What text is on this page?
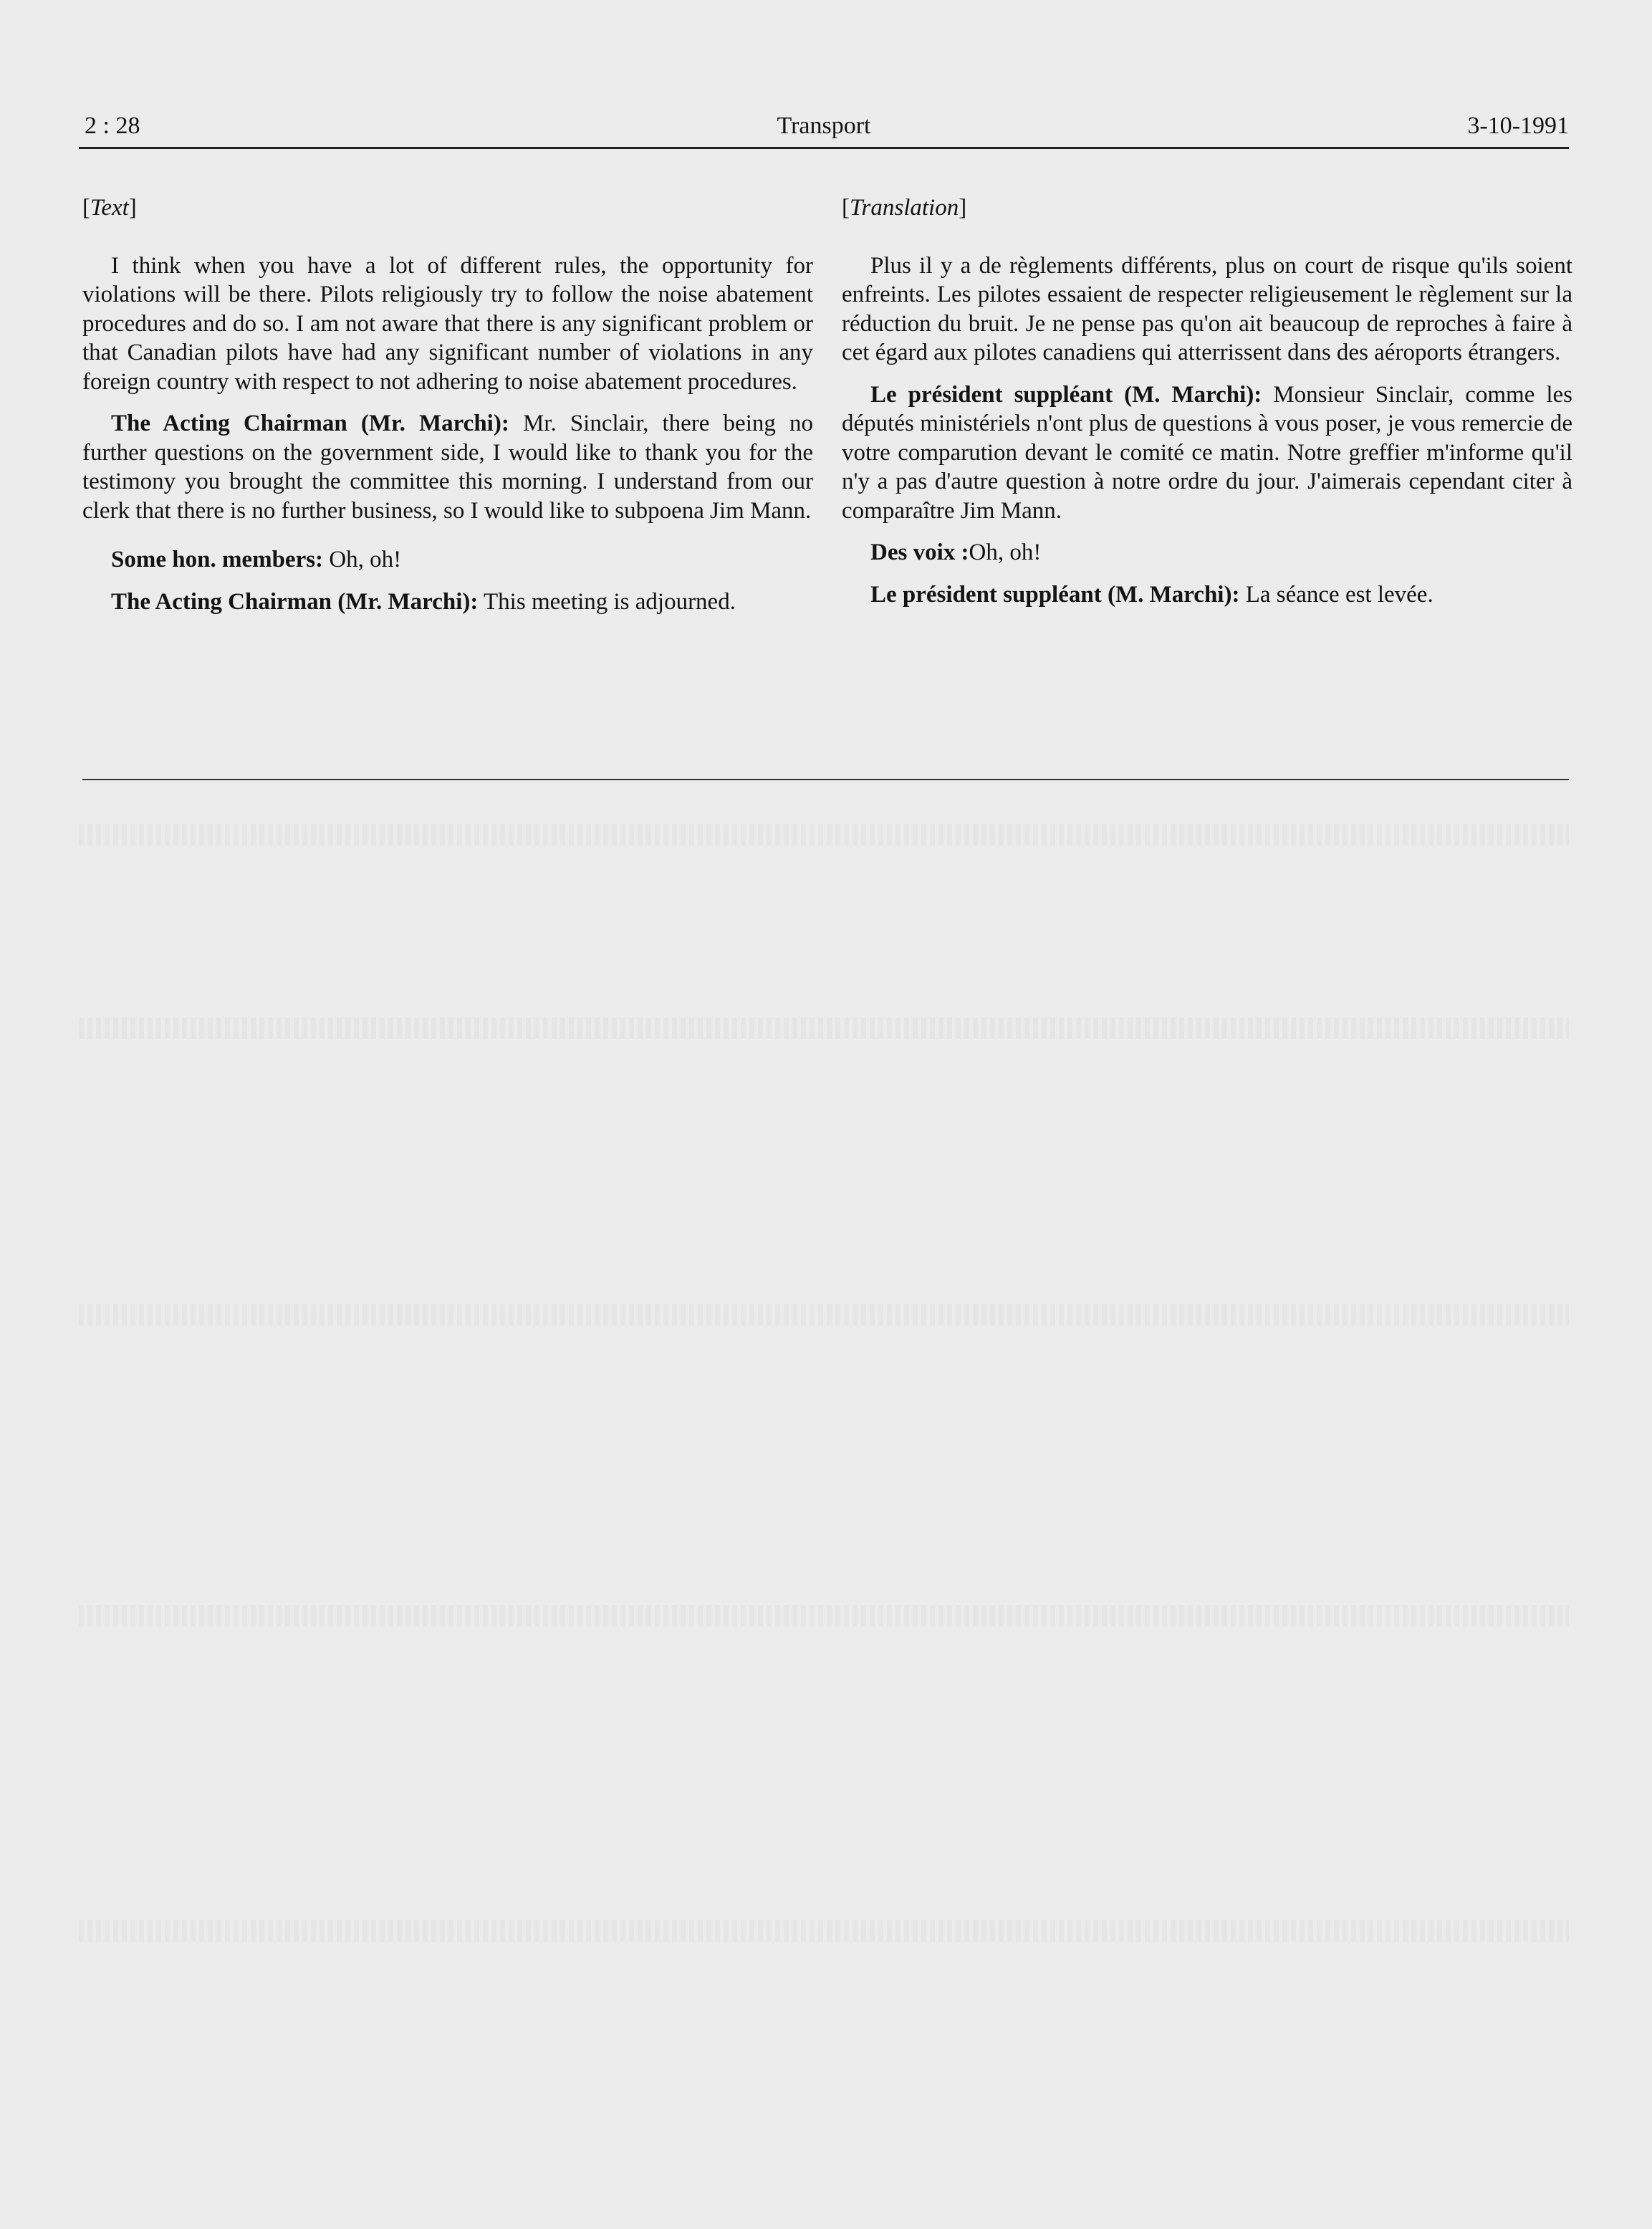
2 : 28	Transport	3-10-1991
[Text]

I think when you have a lot of different rules, the opportunity for violations will be there. Pilots religiously try to follow the noise abatement procedures and do so. I am not aware that there is any significant problem or that Canadian pilots have had any significant number of violations in any foreign country with respect to not adhering to noise abatement procedures.

The Acting Chairman (Mr. Marchi): Mr. Sinclair, there being no further questions on the government side, I would like to thank you for the testimony you brought the committee this morning. I understand from our clerk that there is no further business, so I would like to subpoena Jim Mann.

Some hon. members: Oh, oh!

The Acting Chairman (Mr. Marchi): This meeting is adjourned.

[Translation]

Plus il y a de règlements différents, plus on court de risque qu'ils soient enfreints. Les pilotes essaient de respecter religieusement le règlement sur la réduction du bruit. Je ne pense pas qu'on ait beaucoup de reproches à faire à cet égard aux pilotes canadiens qui atterrissent dans des aéroports étrangers.

Le président suppléant (M. Marchi): Monsieur Sinclair, comme les députés ministériels n'ont plus de questions à vous poser, je vous remercie de votre comparution devant le comité ce matin. Notre greffier m'informe qu'il n'y a pas d'autre question à notre ordre du jour. J'aimerais cependant citer à comparaître Jim Mann.

Des voix :Oh, oh!

Le président suppléant (M. Marchi): La séance est levée.
